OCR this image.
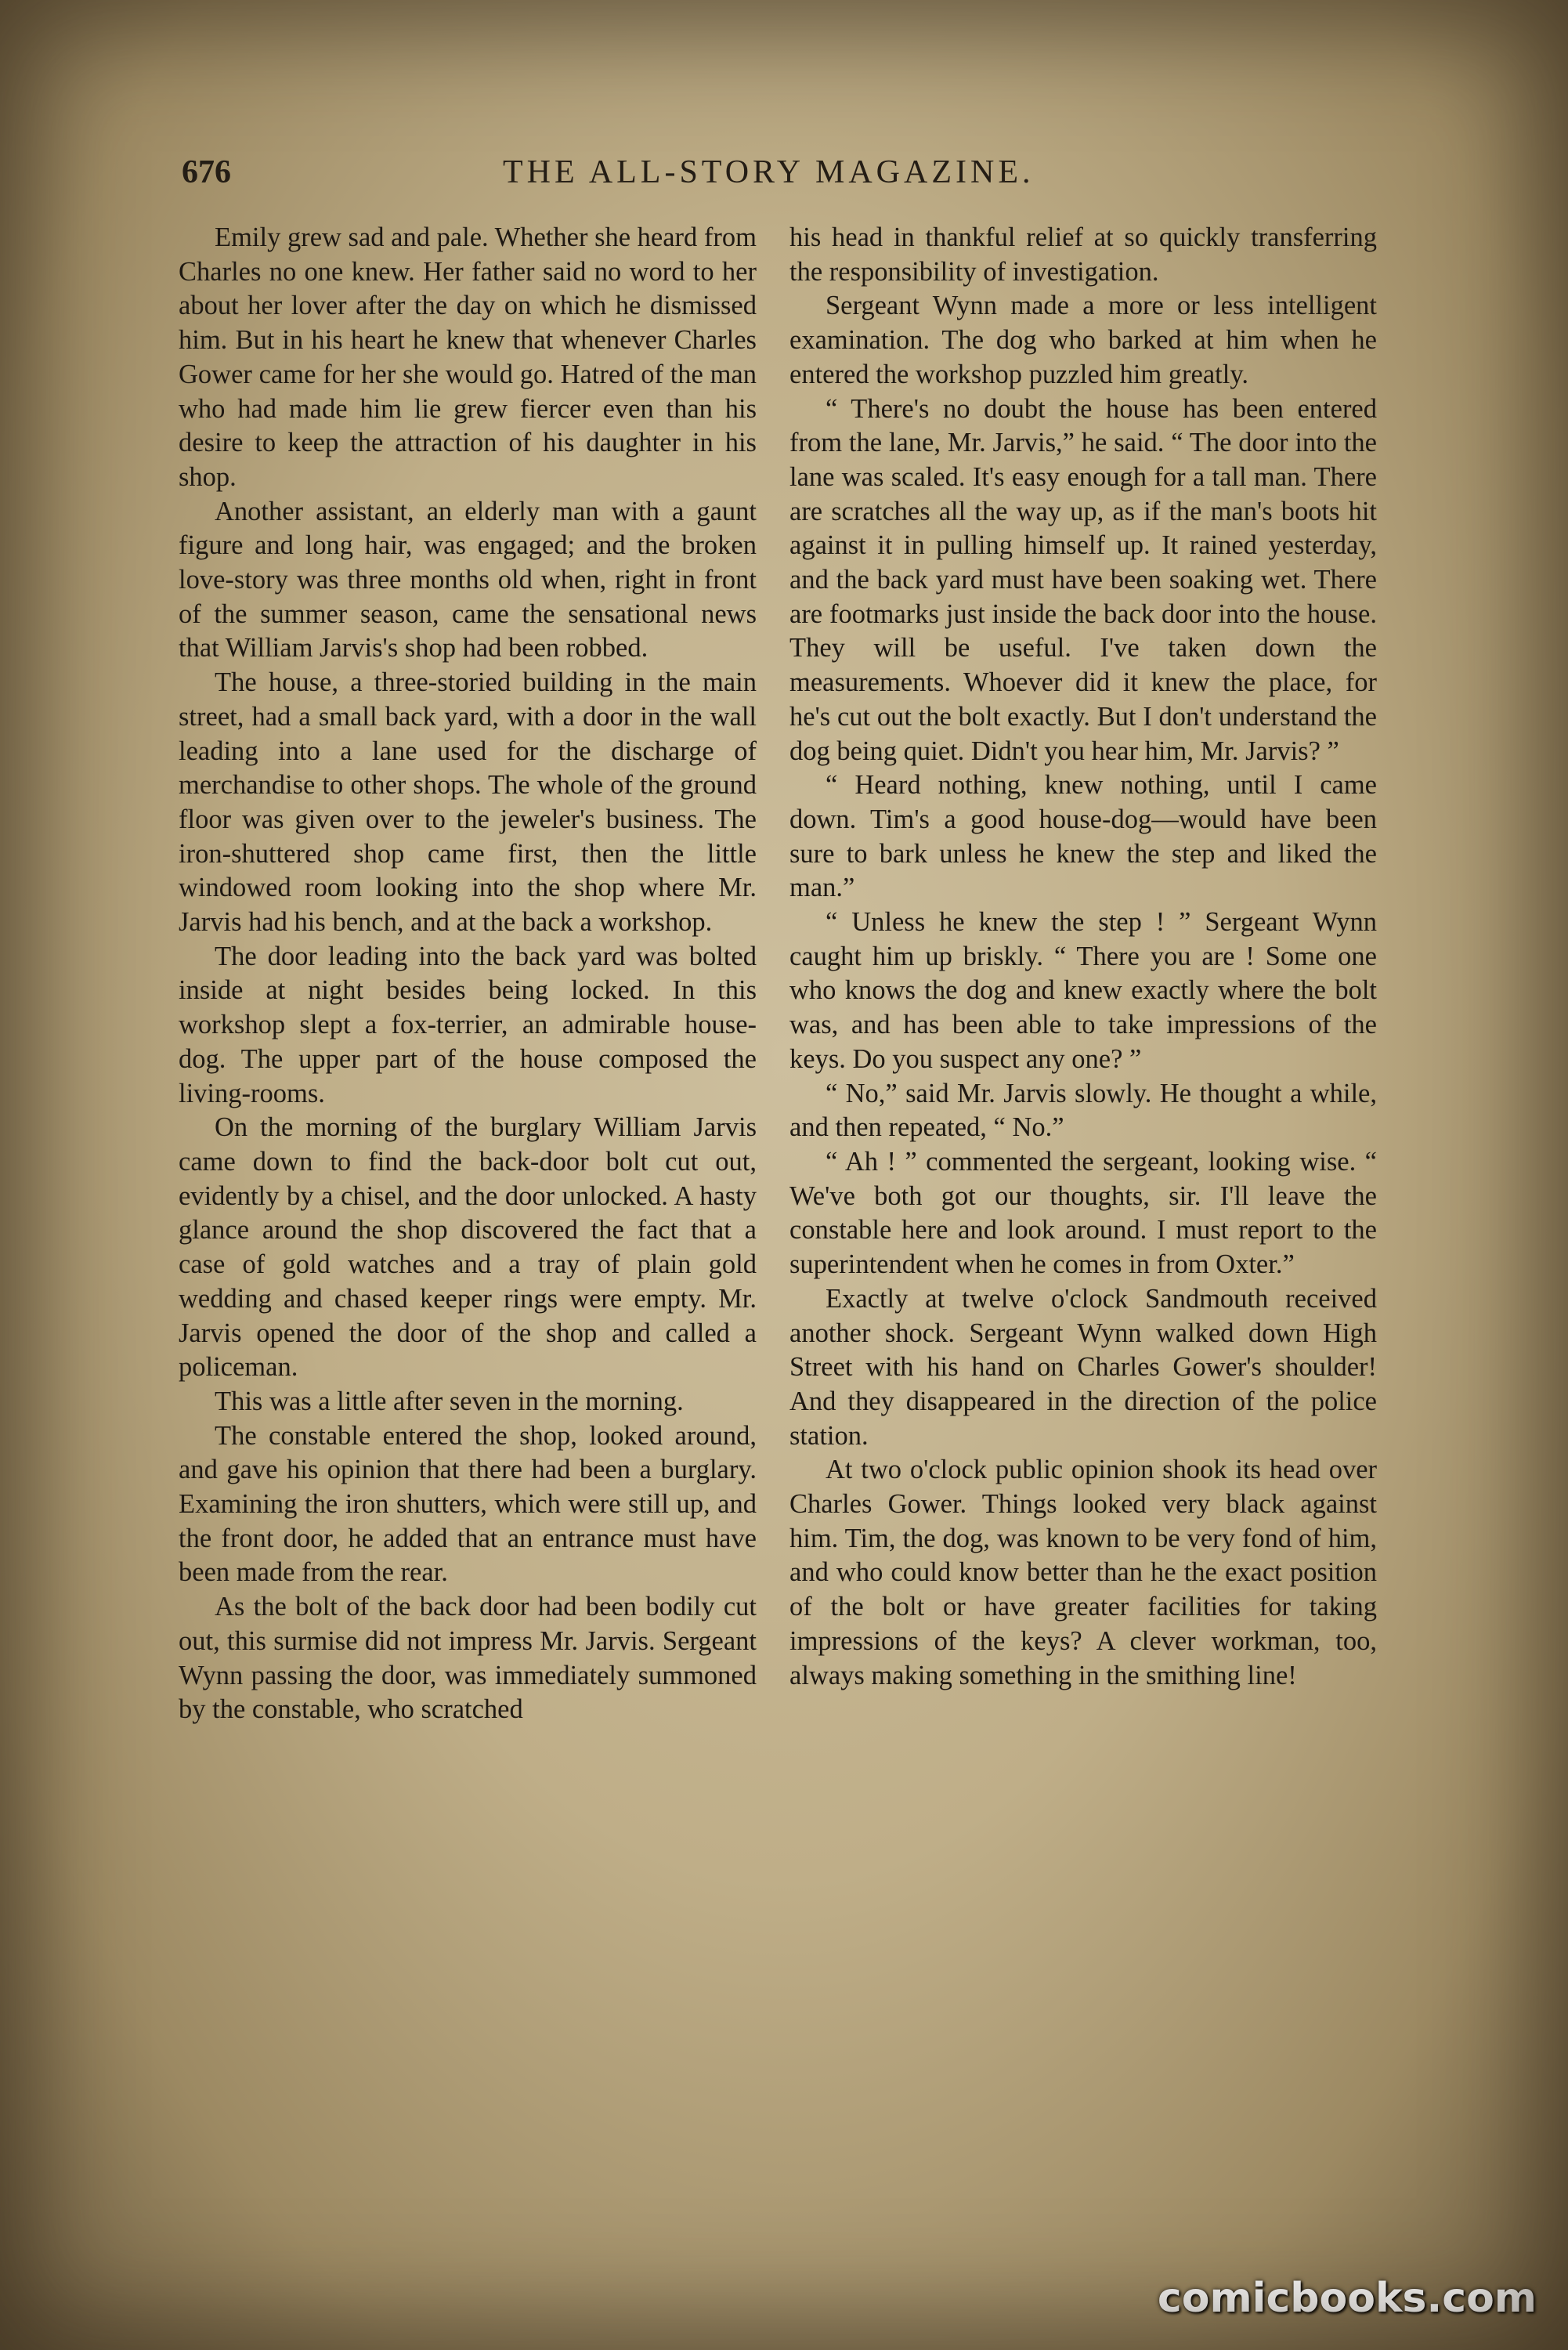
676	THE ALL-STORY MAGAZINE.

Emily grew sad and pale. Whether she heard from Charles no one knew. Her father said no word to her about her lover after the day on which he dismissed him. But in his heart he knew that whenever Charles Gower came for her she would go. Hatred of the man who had made him lie grew fiercer even than his desire to keep the attraction of his daughter in his shop.

Another assistant, an elderly man with a gaunt figure and long hair, was engaged; and the broken love-story was three months old when, right in front of the summer season, came the sensational news that William Jarvis's shop had been robbed.

The house, a three-storied building in the main street, had a small back yard, with a door in the wall leading into a lane used for the discharge of merchandise to other shops. The whole of the ground floor was given over to the jeweler's business. The iron-shuttered shop came first, then the little windowed room looking into the shop where Mr. Jarvis had his bench, and at the back a workshop.

The door leading into the back yard was bolted inside at night besides being locked. In this workshop slept a fox-terrier, an admirable house-dog. The upper part of the house composed the living-rooms.

On the morning of the burglary William Jarvis came down to find the back-door bolt cut out, evidently by a chisel, and the door unlocked. A hasty glance around the shop discovered the fact that a case of gold watches and a tray of plain gold wedding and chased keeper rings were empty. Mr. Jarvis opened the door of the shop and called a policeman.

This was a little after seven in the morning.

The constable entered the shop, looked around, and gave his opinion that there had been a burglary. Examining the iron shutters, which were still up, and the front door, he added that an entrance must have been made from the rear.

As the bolt of the back door had been bodily cut out, this surmise did not impress Mr. Jarvis. Sergeant Wynn passing the door, was immediately summoned by the constable, who scratched

his head in thankful relief at so quickly transferring the responsibility of investigation.

Sergeant Wynn made a more or less intelligent examination. The dog who barked at him when he entered the workshop puzzled him greatly.

“ There's no doubt the house has been entered from the lane, Mr. Jarvis,” he said. “ The door into the lane was scaled. It's easy enough for a tall man. There are scratches all the way up, as if the man's boots hit against it in pulling himself up. It rained yesterday, and the back yard must have been soaking wet. There are footmarks just inside the back door into the house. They will be useful. I've taken down the measurements. Whoever did it knew the place, for he's cut out the bolt exactly. But I don't understand the dog being quiet. Didn't you hear him, Mr. Jarvis? ”

“ Heard nothing, knew nothing, until I came down. Tim's a good house-dog—would have been sure to bark unless he knew the step and liked the man.”

“ Unless he knew the step ! ” Sergeant Wynn caught him up briskly. “ There you are ! Some one who knows the dog and knew exactly where the bolt was, and has been able to take impressions of the keys. Do you suspect any one? ”

“ No,” said Mr. Jarvis slowly. He thought a while, and then repeated, “ No.”

“ Ah ! ” commented the sergeant, looking wise. “ We've both got our thoughts, sir. I'll leave the constable here and look around. I must report to the superintendent when he comes in from Oxter.”

Exactly at twelve o'clock Sandmouth received another shock. Sergeant Wynn walked down High Street with his hand on Charles Gower's shoulder! And they disappeared in the direction of the police station.

At two o'clock public opinion shook its head over Charles Gower. Things looked very black against him. Tim, the dog, was known to be very fond of him, and who could know better than he the exact position of the bolt or have greater facilities for taking impressions of the keys? A clever workman, too, always making something in the smithing line!

comicbooks.com
